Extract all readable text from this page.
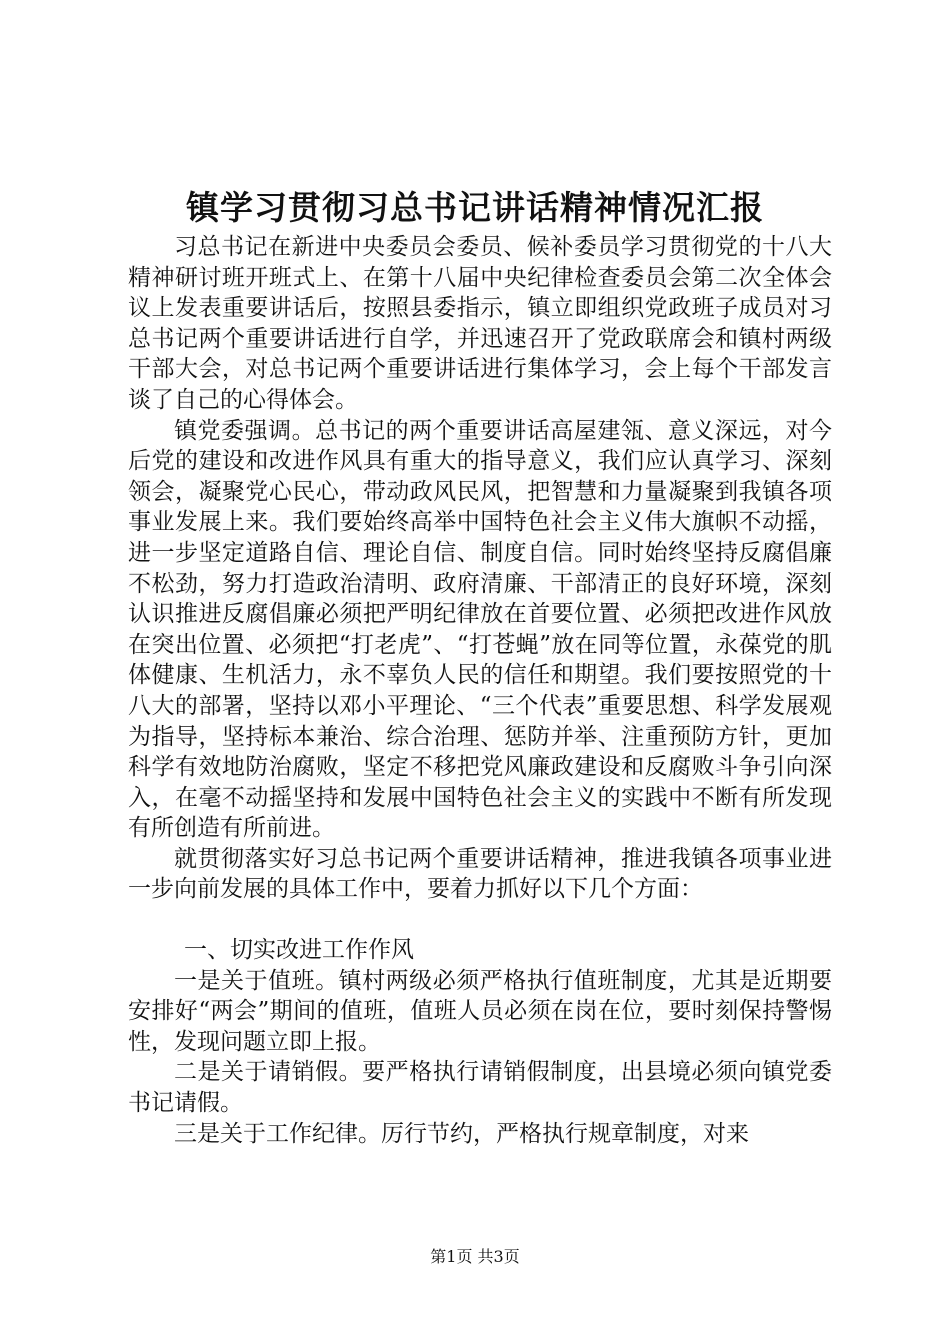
镇学习贯彻习总书记讲话精神情况汇报

习总书记在新进中央委员会委员、候补委员学习贯彻党的十八大精神研讨班开班式上、在第十八届中央纪律检查委员会第二次全体会议上发表重要讲话后，按照县委指示，镇立即组织党政班子成员对习总书记两个重要讲话进行自学，并迅速召开了党政联席会和镇村两级干部大会，对总书记两个重要讲话进行集体学习，会上每个干部发言谈了自己的心得体会。

镇党委强调。总书记的两个重要讲话高屋建瓴、意义深远，对今后党的建设和改进作风具有重大的指导意义，我们应认真学习、深刻领会，凝聚党心民心，带动政风民风，把智慧和力量凝聚到我镇各项事业发展上来。我们要始终高举中国特色社会主义伟大旗帜不动摇，进一步坚定道路自信、理论自信、制度自信。同时始终坚持反腐倡廉不松劲，努力打造政治清明、政府清廉、干部清正的良好环境，深刻认识推进反腐倡廉必须把严明纪律放在首要位置、必须把改进作风放在突出位置、必须把“打老虎”、“打苍蝇”放在同等位置，永葆党的肌体健康、生机活力，永不辜负人民的信任和期望。我们要按照党的十八大的部署，坚持以邓小平理论、“三个代表”重要思想、科学发展观为指导，坚持标本兼治、综合治理、惩防并举、注重预防方针，更加科学有效地防治腐败，坚定不移把党风廉政建设和反腐败斗争引向深入，在毫不动摇坚持和发展中国特色社会主义的实践中不断有所发现有所创造有所前进。

就贯彻落实好习总书记两个重要讲话精神，推进我镇各项事业进一步向前发展的具体工作中，要着力抓好以下几个方面：

一、切实改进工作作风

一是关于值班。镇村两级必须严格执行值班制度，尤其是近期要安排好“两会”期间的值班，值班人员必须在岗在位，要时刻保持警惕性，发现问题立即上报。

二是关于请销假。要严格执行请销假制度，出县境必须向镇党委书记请假。

三是关于工作纪律。厉行节约，严格执行规章制度，对来

第1页 共3页
